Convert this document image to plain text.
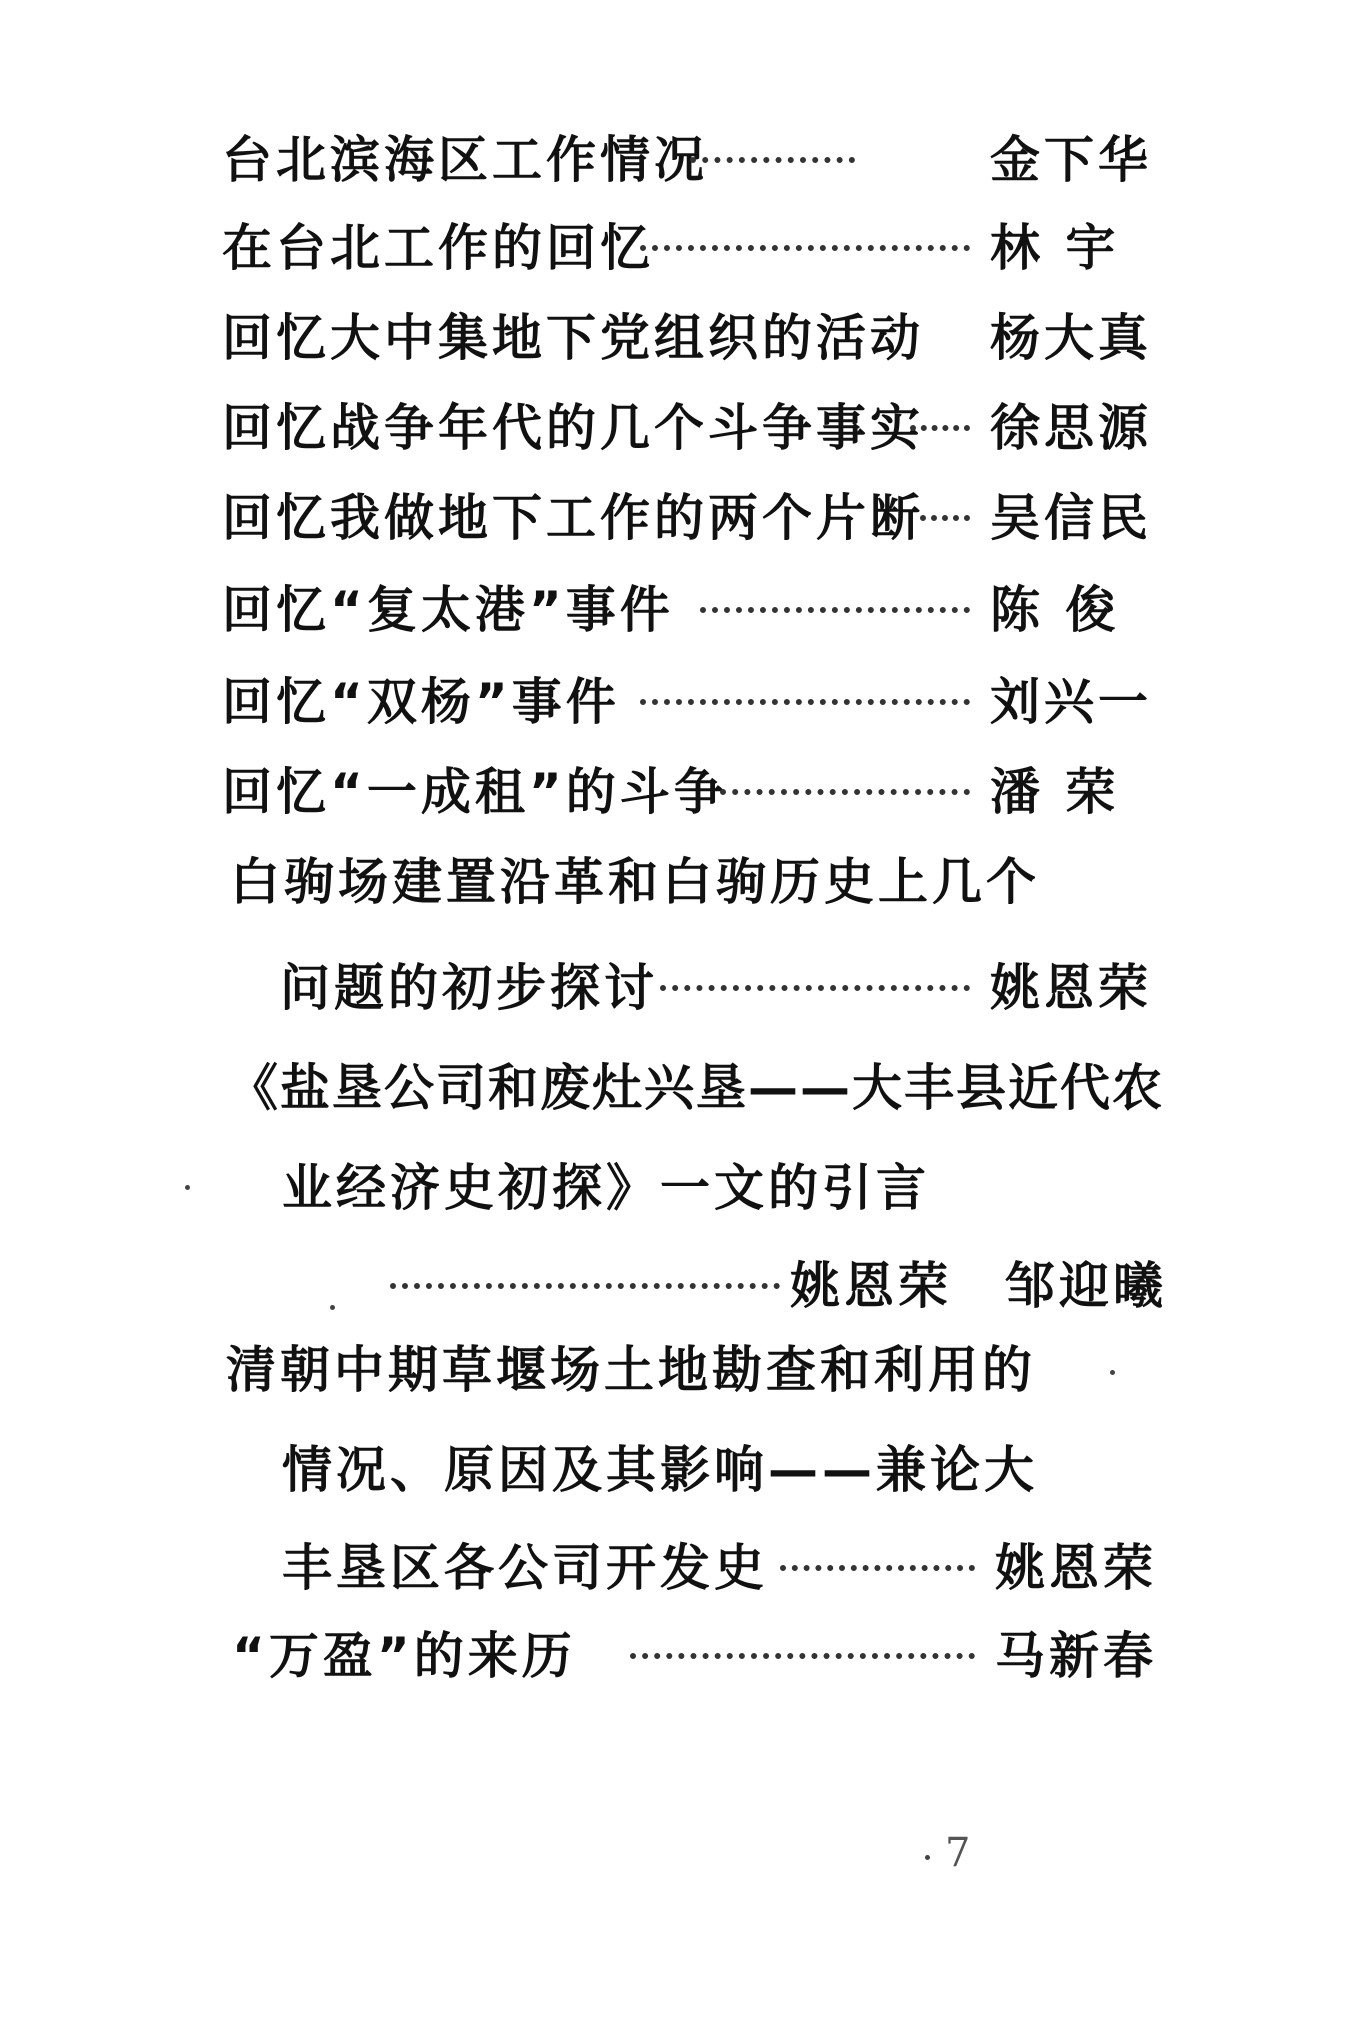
台北滨海区工作情况	金下华
在台北工作的回忆	林 宇
回忆大中集地下党组织的活动 杨大真
回忆战争年代的几个斗争事实 徐思源
回忆我做地下工作的两个片断 吴信民
回忆“复太港”事件	陈 俊
回忆“双杨”事件	刘兴一
回忆“一成租”的斗争	潘 荣
白驹场建置沿革和白驹历史上几个
问题的初步探讨	姚恩荣
《盐垦公司和废灶兴垦——大丰县近代农
业经济史初探》一文的引言
姚恩荣 邹迎曦
清朝中期草堰场土地勘查和利用的
情况、原因及其影响——兼论大
丰垦区各公司开发史	姚恩荣
“万盈”的来历	马新春
7
